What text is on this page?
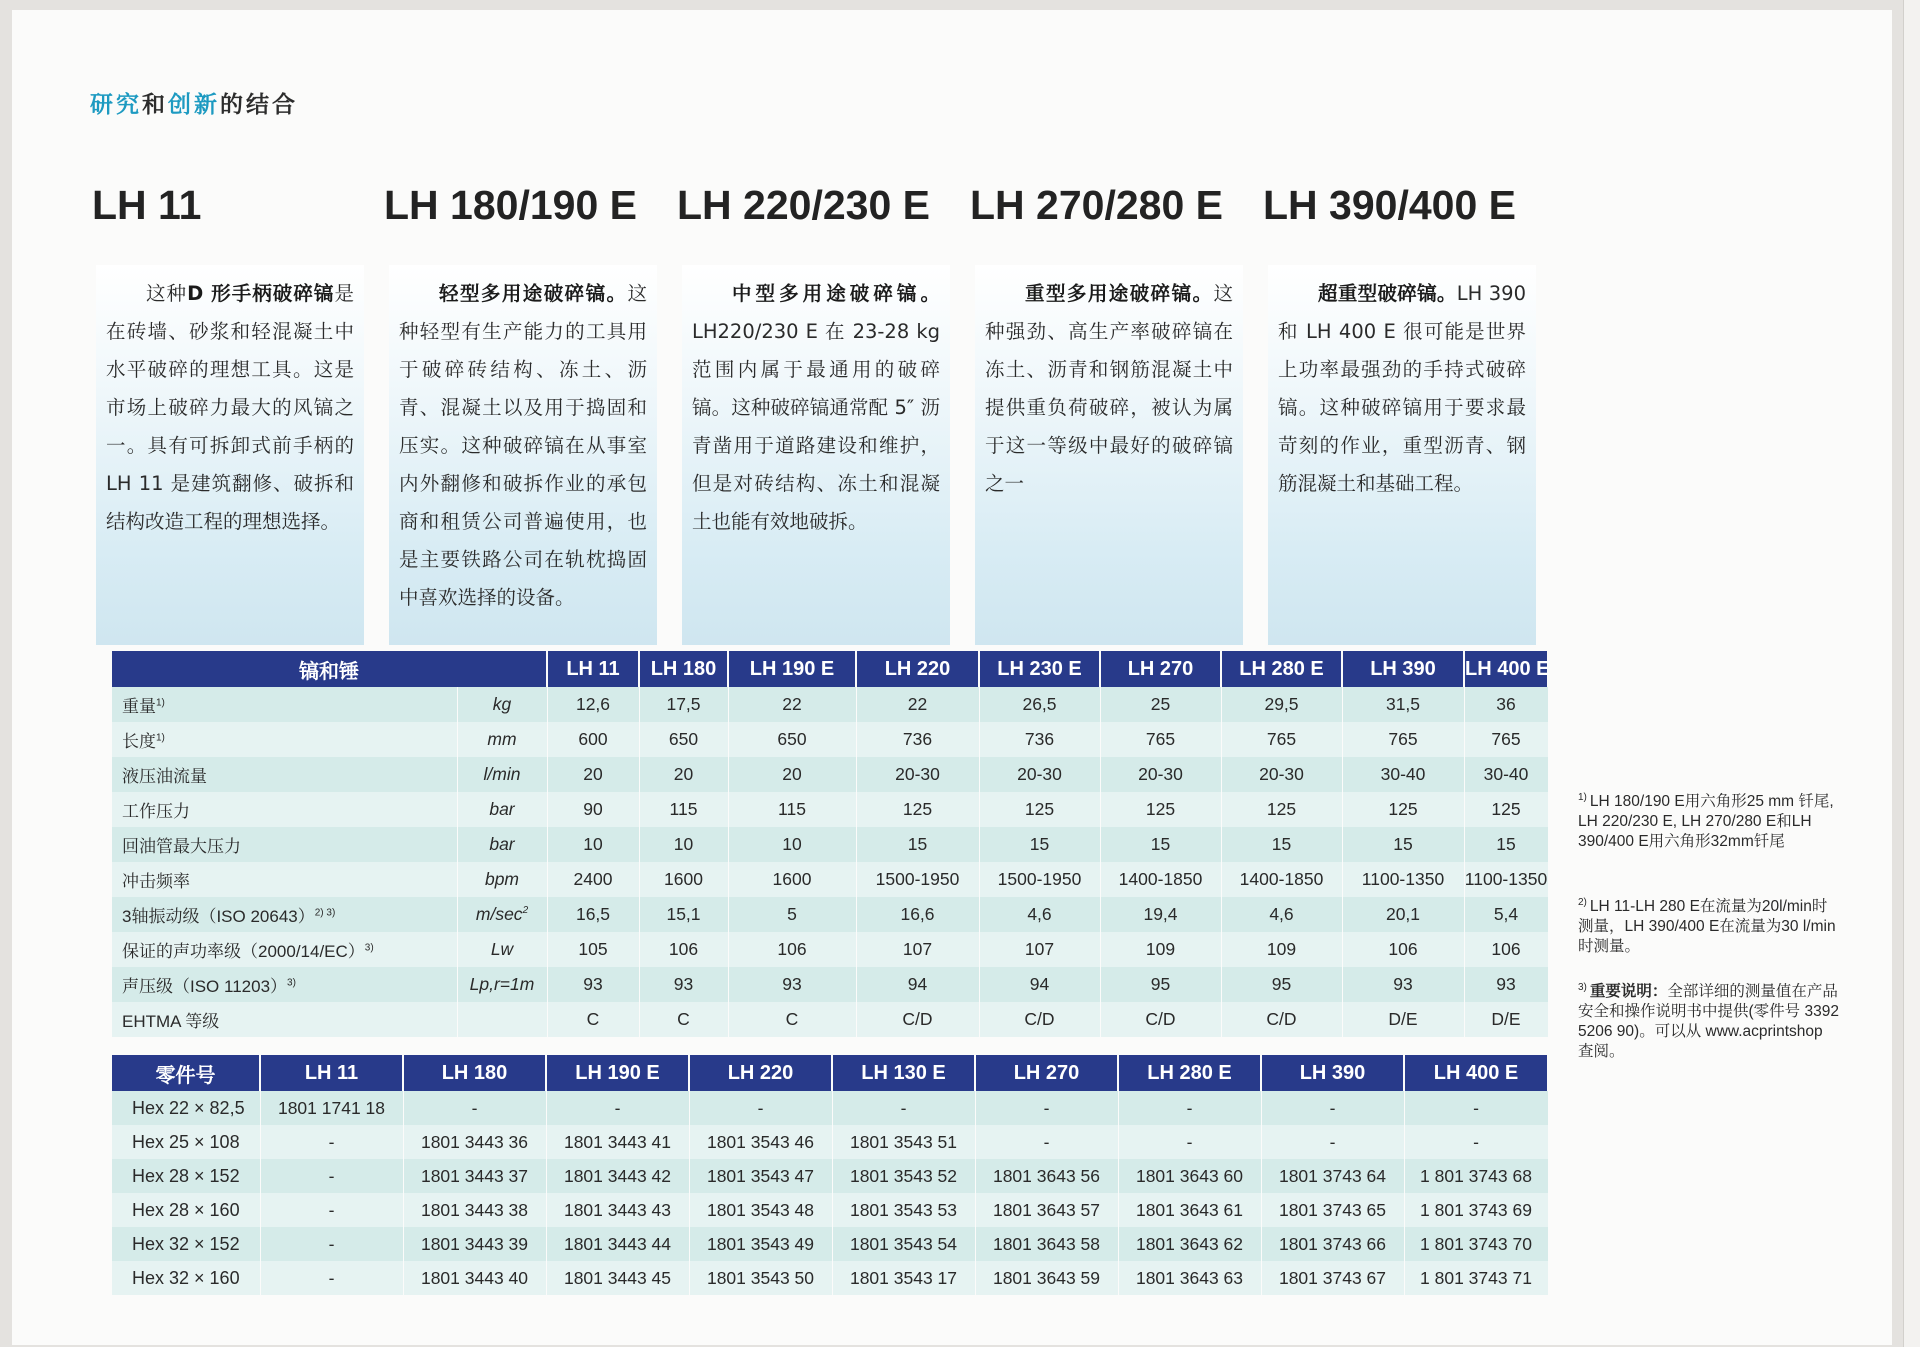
研究和创新的结合
LH 11	LH 180/190 E LH 220/230 E LH 270/280 E LH 390/400 E
这种D 形手柄破碎镐是在砖墙、砂浆和轻混凝土中水平破碎的理想工具。这是市场上破碎力最大的风镐之一。具有可拆卸式前手柄的 LH 11 是建筑翻修、破拆和结构改造工程的理想选择。
轻型多用途破碎镐。这种轻型有生产能力的工具用于破碎砖结构、冻土、沥青、混凝土以及用于捣固和压实。这种破碎镐在从事室内外翻修和破拆作业的承包商和租赁公司普遍使用，也是主要铁路公司在轨枕捣固中喜欢选择的设备。
中型多用途破碎镐。LH220/230 E 在 23-28 kg 范围内属于最通用的破碎镐。这种破碎镐通常配 5″ 沥青凿用于道路建设和维护，但是对砖结构、冻土和混凝土也能有效地破拆。
重型多用途破碎镐。这种强劲、高生产率破碎镐在冻土、沥青和钢筋混凝土中提供重负荷破碎，被认为属于这一等级中最好的破碎镐之一
超重型破碎镐。LH 390 和 LH 400 E 很可能是世界上功率最强劲的手持式破碎镐。这种破碎镐用于要求最苛刻的作业，重型沥青、钢筋混凝土和基础工程。
镐和锤		LH 11	LH 180	LH 190 E	LH 220	LH 230 E	LH 270	LH 280 E	LH 390	LH 400 E
重量$^{1)}$	kg	12,6	17,5	22	22	26,5	25	29,5	31,5	36
长度$^{1)}$	mm	600	650	650	736	736	765	765	765	765
液压油流量	l/min	20	20	20	20-30	20-30	20-30	20-30	30-40	30-40
工作压力	bar	90	115	115	125	125	125	125	125	125
回油管最大压力	bar	10	10	10	15	15	15	15	15	15
冲击频率	bpm	2400	1600	1600	1500-1950	1500-1950	1400-1850	1400-1850	1100-1350	1100-1350
3轴振动级（ISO 20643）$^{2) 3)}$	$m/\sec^2$	16,5	15,1	5	16,6	4,6	19,4	4,6	20,1	5,4
保证的声功率级$(2000/14/EC)^{3)}$	Lw	105	106	106	107	107	109	109	106	106
声压级（ISO 11203）$^{3)}$	Lp,r=1m	93	93	93	94	94	95	95	93	93
EHTMA 等级		C	C	C	C/D	C/D	C/D	C/D	D/E	D/E
零件号	LH 11	LH 180	LH 190 E	LH 220	LH 130 E	LH 270	LH 280 E	LH 390	LH 400 E
Hex 22 × 82,5	1801 1741 18	-	-	-	-	-	-	-	-
Hex 25 × 108	-	1801 3443 36	1801 3443 41	1801 3543 46	1801 3543 51	-	-	-	-
Hex 28 × 152	-	1801 3443 37	1801 3443 42	1801 3543 47	1801 3543 52	1801 3643 56	1801 3643 60	1801 3743 64	1 801 3743 68
Hex 28 × 160	-	1801 3443 38	1801 3443 43	1801 3543 48	1801 3543 53	1801 3643 57	1801 3643 61	1801 3743 65	1 801 3743 69
Hex 32 × 152	-	1801 3443 39	1801 3443 44	1801 3543 49	1801 3543 54	1801 3643 58	1801 3643 62	1801 3743 66	1 801 3743 70
Hex 32 × 160	-	1801 3443 40	1801 3443 45	1801 3543 50	1801 3543 17	1801 3643 59	1801 3643 63	1801 3743 67	1 801 3743 71
$^{1)}$ LH 180/190 E用六角形25 mm 钎尾, LH 220/230 E, LH 270/280 E和LH 390/400 E用六角形32mm钎尾
$^{2)}$ LH 11-LH 280 E在流量为20l/min时测量，LH 390/400 E在流量为30 l/min时测量。
$^{3)}$ 重要说明：全部详细的测量值在产品安全和操作说明书中提供(零件号 3392 5206 90)。可以从 www.acprintshop 查阅。
